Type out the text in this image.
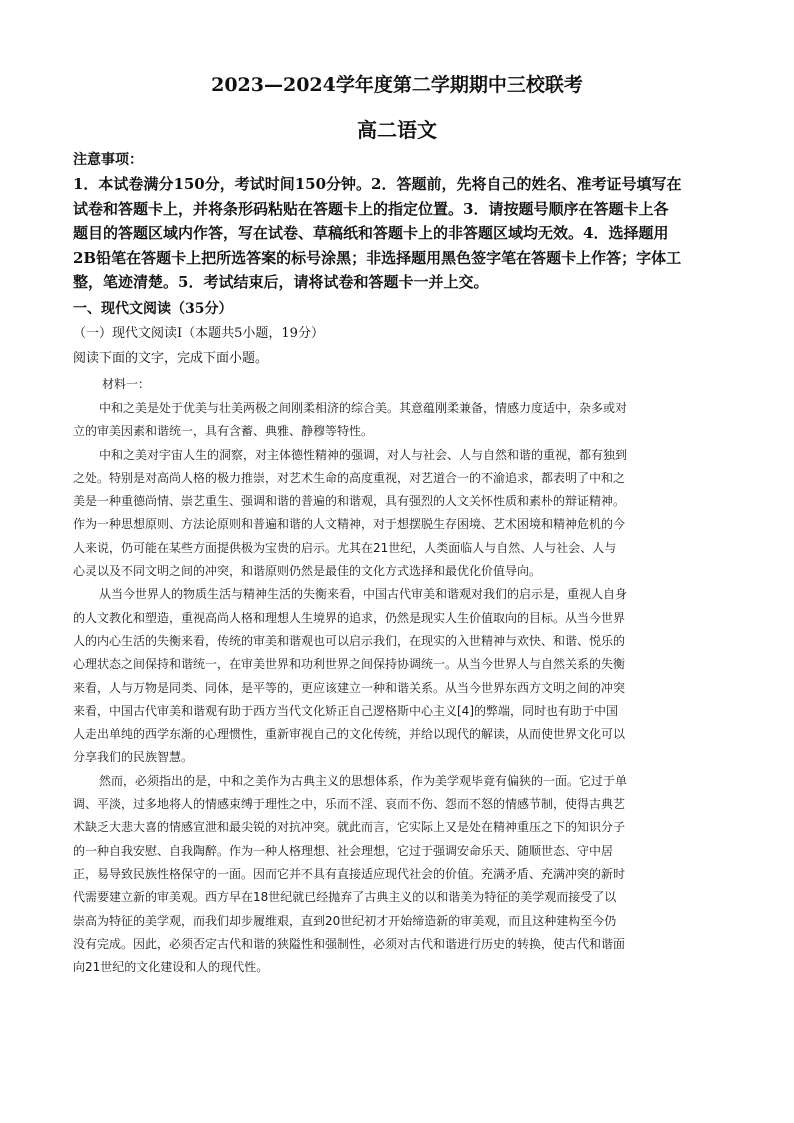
2023—2024学年度第二学期期中三校联考
高二语文
注意事项：
1．本试卷满分150分，考试时间150分钟。2．答题前，先将自己的姓名、准考证号填写在
试卷和答题卡上，并将条形码粘贴在答题卡上的指定位置。3．请按题号顺序在答题卡上各
题目的答题区域内作答，写在试卷、草稿纸和答题卡上的非答题区域均无效。4．选择题用
2B铅笔在答题卡上把所选答案的标号涂黑；非选择题用黑色签字笔在答题卡上作答；字体工
整，笔迹清楚。5．考试结束后，请将试卷和答题卡一并上交。
一、现代文阅读（35分）
（一）现代文阅读Ⅰ（本题共5小题，19分）
阅读下面的文字，完成下面小题。
材料一：
中和之美是处于优美与壮美两极之间刚柔相济的综合美。其意蕴刚柔兼备，情感力度适中，杂多或对
立的审美因素和谐统一，具有含蓄、典雅、静穆等特性。
中和之美对宇宙人生的洞察，对主体德性精神的强调，对人与社会、人与自然和谐的重视，都有独到
之处。特别是对高尚人格的极力推崇，对艺术生命的高度重视，对艺道合一的不渝追求，都表明了中和之
美是一种重德尚情、崇艺重生、强调和谐的普遍的和谐观，具有强烈的人文关怀性质和素朴的辩证精神。
作为一种思想原则、方法论原则和普遍和谐的人文精神，对于想摆脱生存困境、艺术困境和精神危机的今
人来说，仍可能在某些方面提供极为宝贵的启示。尤其在21世纪，人类面临人与自然、人与社会、人与
心灵以及不同文明之间的冲突，和谐原则仍然是最佳的文化方式选择和最优化价值导向。
从当今世界人的物质生活与精神生活的失衡来看，中国古代审美和谐观对我们的启示是，重视人自身
的人文教化和塑造，重视高尚人格和理想人生境界的追求，仍然是现实人生价值取向的目标。从当今世界
人的内心生活的失衡来看，传统的审美和谐观也可以启示我们，在现实的入世精神与欢快、和谐、悦乐的
心理状态之间保持和谐统一，在审美世界和功利世界之间保持协调统一。从当今世界人与自然关系的失衡
来看，人与万物是同类、同体，是平等的，更应该建立一种和谐关系。从当今世界东西方文明之间的冲突
来看，中国古代审美和谐观有助于西方当代文化矫正自己逻格斯中心主义[4]的弊端，同时也有助于中国
人走出单纯的西学东渐的心理惯性，重新审视自己的文化传统，并给以现代的解读，从而使世界文化可以
分享我们的民族智慧。
然而，必须指出的是，中和之美作为古典主义的思想体系，作为美学观毕竟有偏狭的一面。它过于单
调、平淡，过多地将人的情感束缚于理性之中，乐而不淫、哀而不伤、怨而不怒的情感节制，使得古典艺
术缺乏大悲大喜的情感宣泄和最尖锐的对抗冲突。就此而言，它实际上又是处在精神重压之下的知识分子
的一种自我安慰、自我陶醉。作为一种人格理想、社会理想，它过于强调安命乐天、随顺世态、守中居
正，易导致民族性格保守的一面。因而它并不具有直接适应现代社会的价值。充满矛盾、充满冲突的新时
代需要建立新的审美观。西方早在18世纪就已经抛弃了古典主义的以和谐美为特征的美学观而接受了以
崇高为特征的美学观，而我们却步履维艰，直到20世纪初才开始缔造新的审美观，而且这种建构至今仍
没有完成。因此，必须否定古代和谐的狭隘性和强制性，必须对古代和谐进行历史的转换，使古代和谐面
向21世纪的文化建设和人的现代性。
